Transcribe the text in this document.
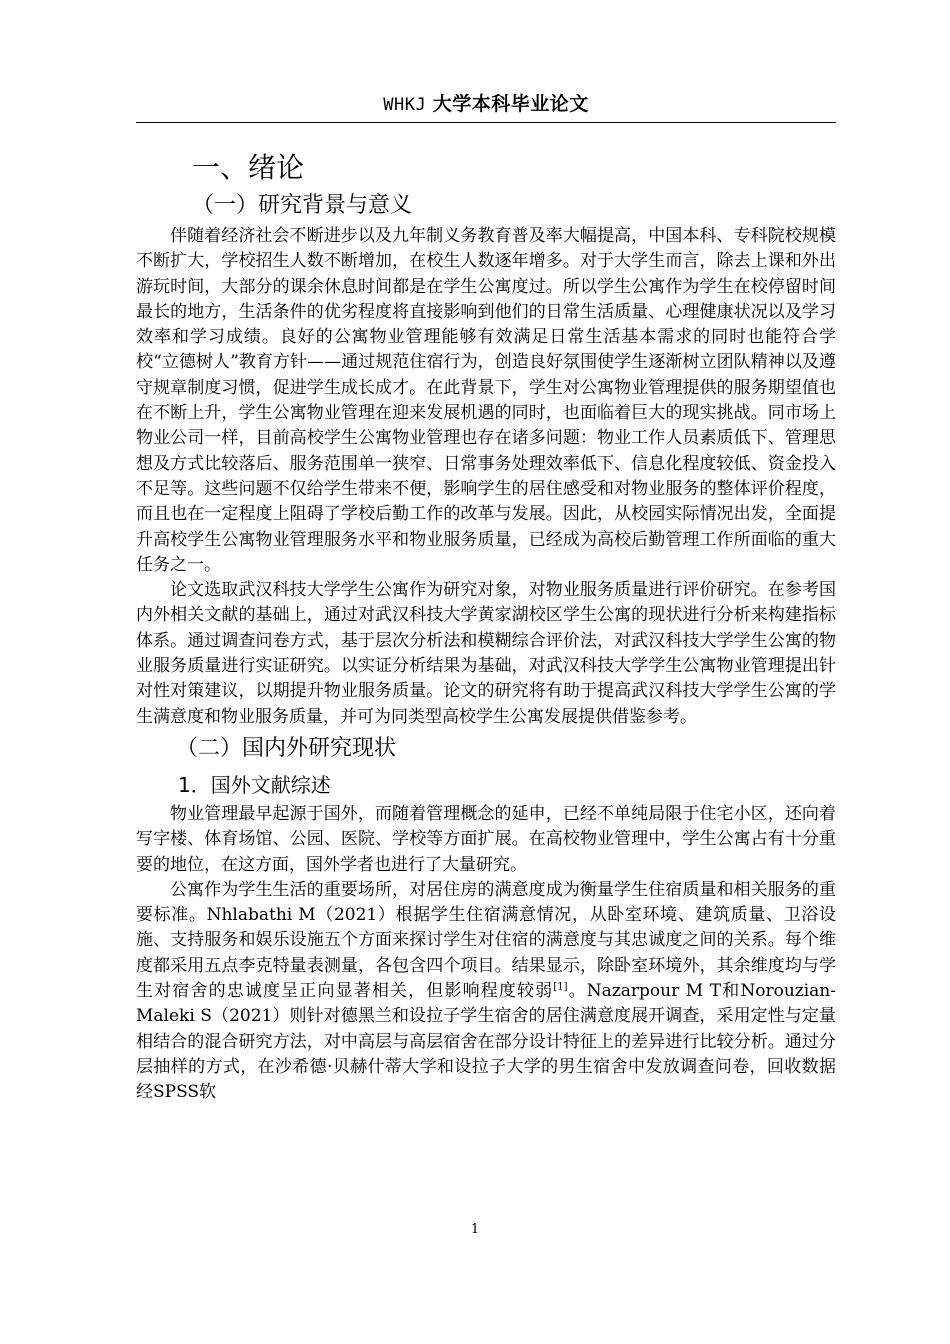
WHKJ 大学本科毕业论文
一、绪论
（一）研究背景与意义

伴随着经济社会不断进步以及九年制义务教育普及率大幅提高，中国本科、专科院校规模不断扩大，学校招生人数不断增加，在校生人数逐年增多。对于大学生而言，除去上课和外出游玩时间，大部分的课余休息时间都是在学生公寓度过。所以学生公寓作为学生在校停留时间最长的地方，生活条件的优劣程度将直接影响到他们的日常生活质量、心理健康状况以及学习效率和学习成绩。良好的公寓物业管理能够有效满足日常生活基本需求的同时也能符合学校“立德树人”教育方针——通过规范住宿行为，创造良好氛围使学生逐渐树立团队精神以及遵守规章制度习惯，促进学生成长成才。在此背景下，学生对公寓物业管理提供的服务期望值也在不断上升，学生公寓物业管理在迎来发展机遇的同时，也面临着巨大的现实挑战。同市场上物业公司一样，目前高校学生公寓物业管理也存在诸多问题：物业工作人员素质低下、管理思想及方式比较落后、服务范围单一狭窄、日常事务处理效率低下、信息化程度较低、资金投入不足等。这些问题不仅给学生带来不便，影响学生的居住感受和对物业服务的整体评价程度，而且也在一定程度上阻碍了学校后勤工作的改革与发展。因此，从校园实际情况出发，全面提升高校学生公寓物业管理服务水平和物业服务质量，已经成为高校后勤管理工作所面临的重大任务之一。

论文选取武汉科技大学学生公寓作为研究对象，对物业服务质量进行评价研究。在参考国内外相关文献的基础上，通过对武汉科技大学黄家湖校区学生公寓的现状进行分析来构建指标体系。通过调查问卷方式，基于层次分析法和模糊综合评价法，对武汉科技大学学生公寓的物业服务质量进行实证研究。以实证分析结果为基础，对武汉科技大学学生公寓物业管理提出针对性对策建议，以期提升物业服务质量。论文的研究将有助于提高武汉科技大学学生公寓的学生满意度和物业服务质量，并可为同类型高校学生公寓发展提供借鉴参考。

（二）国内外研究现状
1．国外文献综述

物业管理最早起源于国外，而随着管理概念的延申，已经不单纯局限于住宅小区，还向着写字楼、体育场馆、公园、医院、学校等方面扩展。在高校物业管理中，学生公寓占有十分重要的地位，在这方面，国外学者也进行了大量研究。

公寓作为学生生活的重要场所，对居住房的满意度成为衡量学生住宿质量和相关服务的重要标准。Nhlabathi M（2021）根据学生住宿满意情况，从卧室环境、建筑质量、卫浴设施、支持服务和娱乐设施五个方面来探讨学生对住宿的满意度与其忠诚度之间的关系。每个维度都采用五点李克特量表测量，各包含四个项目。结果显示，除卧室环境外，其余维度均与学生对宿舍的忠诚度呈正向显著相关，但影响程度较弱[1]。Nazarpour M T和Norouzian-Maleki S（2021）则针对德黑兰和设拉子学生宿舍的居住满意度展开调查，采用定性与定量相结合的混合研究方法，对中高层与高层宿舍在部分设计特征上的差异进行比较分析。通过分层抽样的方式，在沙希德·贝赫什蒂大学和设拉子大学的男生宿舍中发放调查问卷，回收数据经SPSS软

1
